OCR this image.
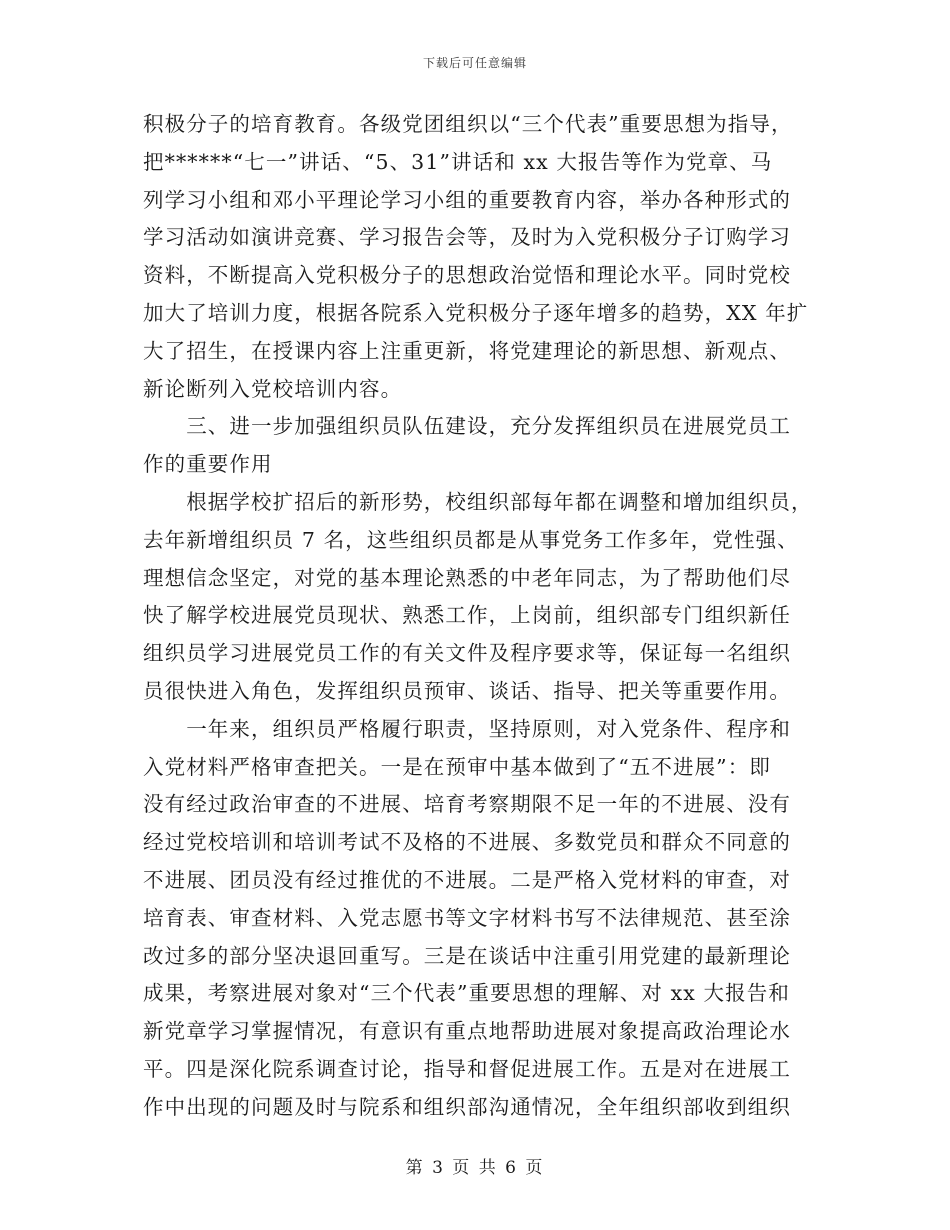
下载后可任意编辑
积极分子的培育教育。各级党团组织以“三个代表”重要思想为指导，
把******“七一”讲话、“5、31”讲话和 xx 大报告等作为党章、马
列学习小组和邓小平理论学习小组的重要教育内容，举办各种形式的
学习活动如演讲竞赛、学习报告会等，及时为入党积极分子订购学习
资料，不断提高入党积极分子的思想政治觉悟和理论水平。同时党校
加大了培训力度，根据各院系入党积极分子逐年增多的趋势，XX 年扩
大了招生，在授课内容上注重更新，将党建理论的新思想、新观点、
新论断列入党校培训内容。
　　三、进一步加强组织员队伍建设，充分发挥组织员在进展党员工
作的重要作用
　　根据学校扩招后的新形势，校组织部每年都在调整和增加组织员，
去年新增组织员 7 名，这些组织员都是从事党务工作多年，党性强、
理想信念坚定，对党的基本理论熟悉的中老年同志，为了帮助他们尽
快了解学校进展党员现状、熟悉工作，上岗前，组织部专门组织新任
组织员学习进展党员工作的有关文件及程序要求等，保证每一名组织
员很快进入角色，发挥组织员预审、谈话、指导、把关等重要作用。
　　一年来，组织员严格履行职责，坚持原则，对入党条件、程序和
入党材料严格审查把关。一是在预审中基本做到了“五不进展”：即
没有经过政治审查的不进展、培育考察期限不足一年的不进展、没有
经过党校培训和培训考试不及格的不进展、多数党员和群众不同意的
不进展、团员没有经过推优的不进展。二是严格入党材料的审查，对
培育表、审查材料、入党志愿书等文字材料书写不法律规范、甚至涂
改过多的部分坚决退回重写。三是在谈话中注重引用党建的最新理论
成果，考察进展对象对“三个代表”重要思想的理解、对 xx 大报告和
新党章学习掌握情况，有意识有重点地帮助进展对象提高政治理论水
平。四是深化院系调查讨论，指导和督促进展工作。五是对在进展工
作中出现的问题及时与院系和组织部沟通情况，全年组织部收到组织
第 3 页 共 6 页
